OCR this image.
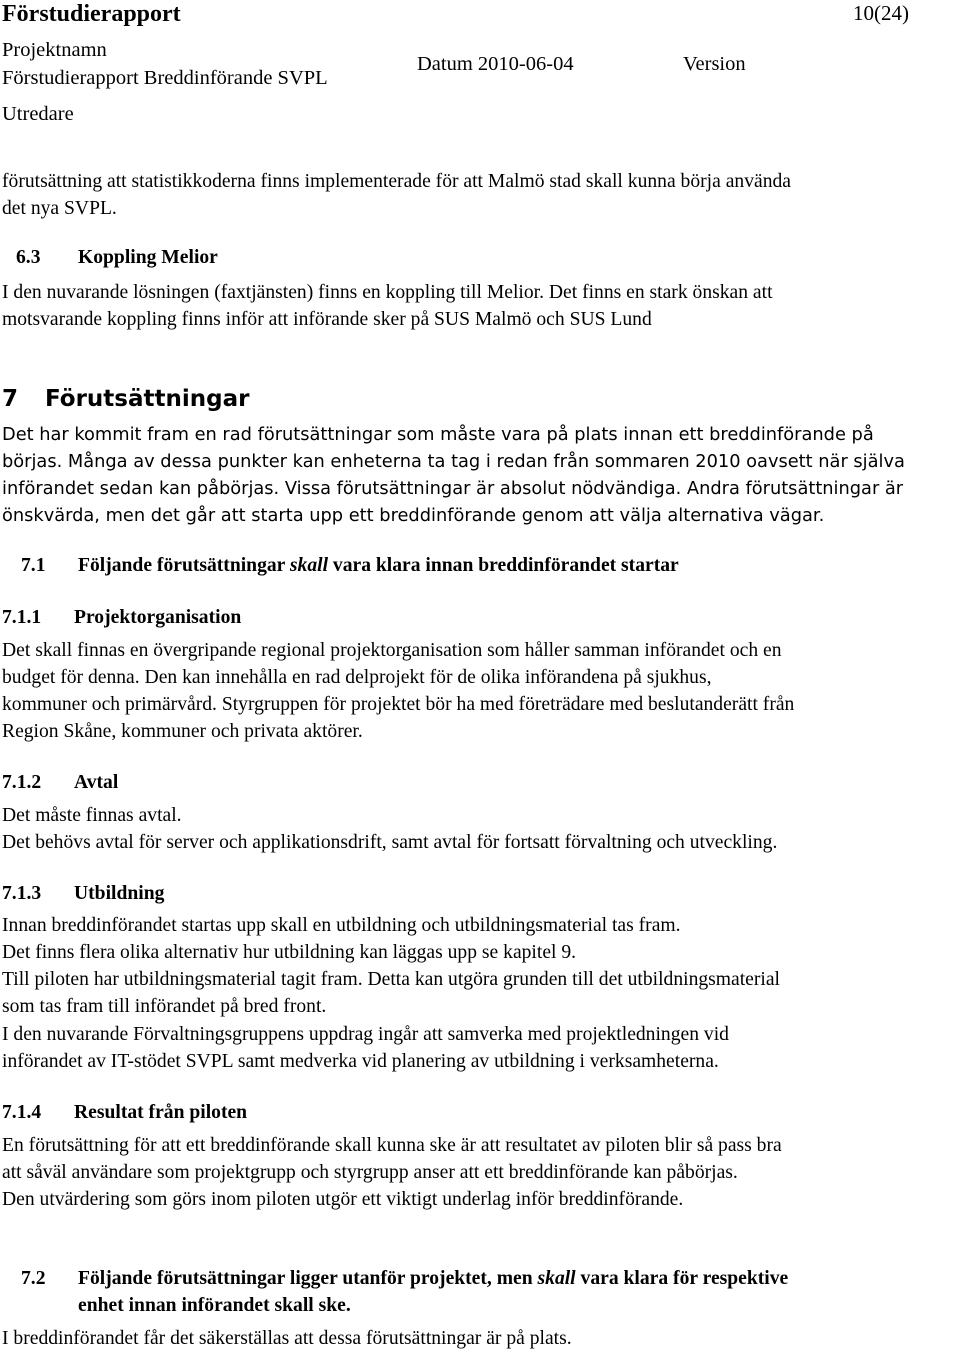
Förstudierapport	10(24)
Projektnamn
Förstudierapport Breddinförande SVPL
Datum 2010-06-04	Version
Utredare
förutsättning att statistikkoderna finns implementerade för att Malmö stad skall kunna börja använda
det nya SVPL.
6.3 Koppling Melior
I den nuvarande lösningen (faxtjänsten) finns en koppling till Melior. Det finns en stark önskan att
motsvarande koppling finns inför att införande sker på SUS Malmö och SUS Lund
7 Förutsättningar
Det har kommit fram en rad förutsättningar som måste vara på plats innan ett breddinförande på
börjas. Många av dessa punkter kan enheterna ta tag i redan från sommaren 2010 oavsett när själva
införandet sedan kan påbörjas. Vissa förutsättningar är absolut nödvändiga. Andra förutsättningar är
önskvärda, men det går att starta upp ett breddinförande genom att välja alternativa vägar.
7.1 Följande förutsättningar skall vara klara innan breddinförandet startar
7.1.1 Projektorganisation
Det skall finnas en övergripande regional projektorganisation som håller samman införandet och en
budget för denna. Den kan innehålla en rad delprojekt för de olika införandena på sjukhus,
kommuner och primärvård. Styrgruppen för projektet bör ha med företrädare med beslutanderätt från
Region Skåne, kommuner och privata aktörer.
7.1.2 Avtal
Det måste finnas avtal.
Det behövs avtal för server och applikationsdrift, samt avtal för fortsatt förvaltning och utveckling.
7.1.3 Utbildning
Innan breddinförandet startas upp skall en utbildning och utbildningsmaterial tas fram.
Det finns flera olika alternativ hur utbildning kan läggas upp se kapitel 9.
Till piloten har utbildningsmaterial tagit fram. Detta kan utgöra grunden till det utbildningsmaterial
som tas fram till införandet på bred front.
I den nuvarande Förvaltningsgruppens uppdrag ingår att samverka med projektledningen vid
införandet av IT-stödet SVPL samt medverka vid planering av utbildning i verksamheterna.
7.1.4 Resultat från piloten
En förutsättning för att ett breddinförande skall kunna ske är att resultatet av piloten blir så pass bra
att såväl användare som projektgrupp och styrgrupp anser att ett breddinförande kan påbörjas.
Den utvärdering som görs inom piloten utgör ett viktigt underlag inför breddinförande.
7.2 Följande förutsättningar ligger utanför projektet, men skall vara klara för respektive
enhet innan införandet skall ske.
I breddinförandet får det säkerställas att dessa förutsättningar är på plats.
